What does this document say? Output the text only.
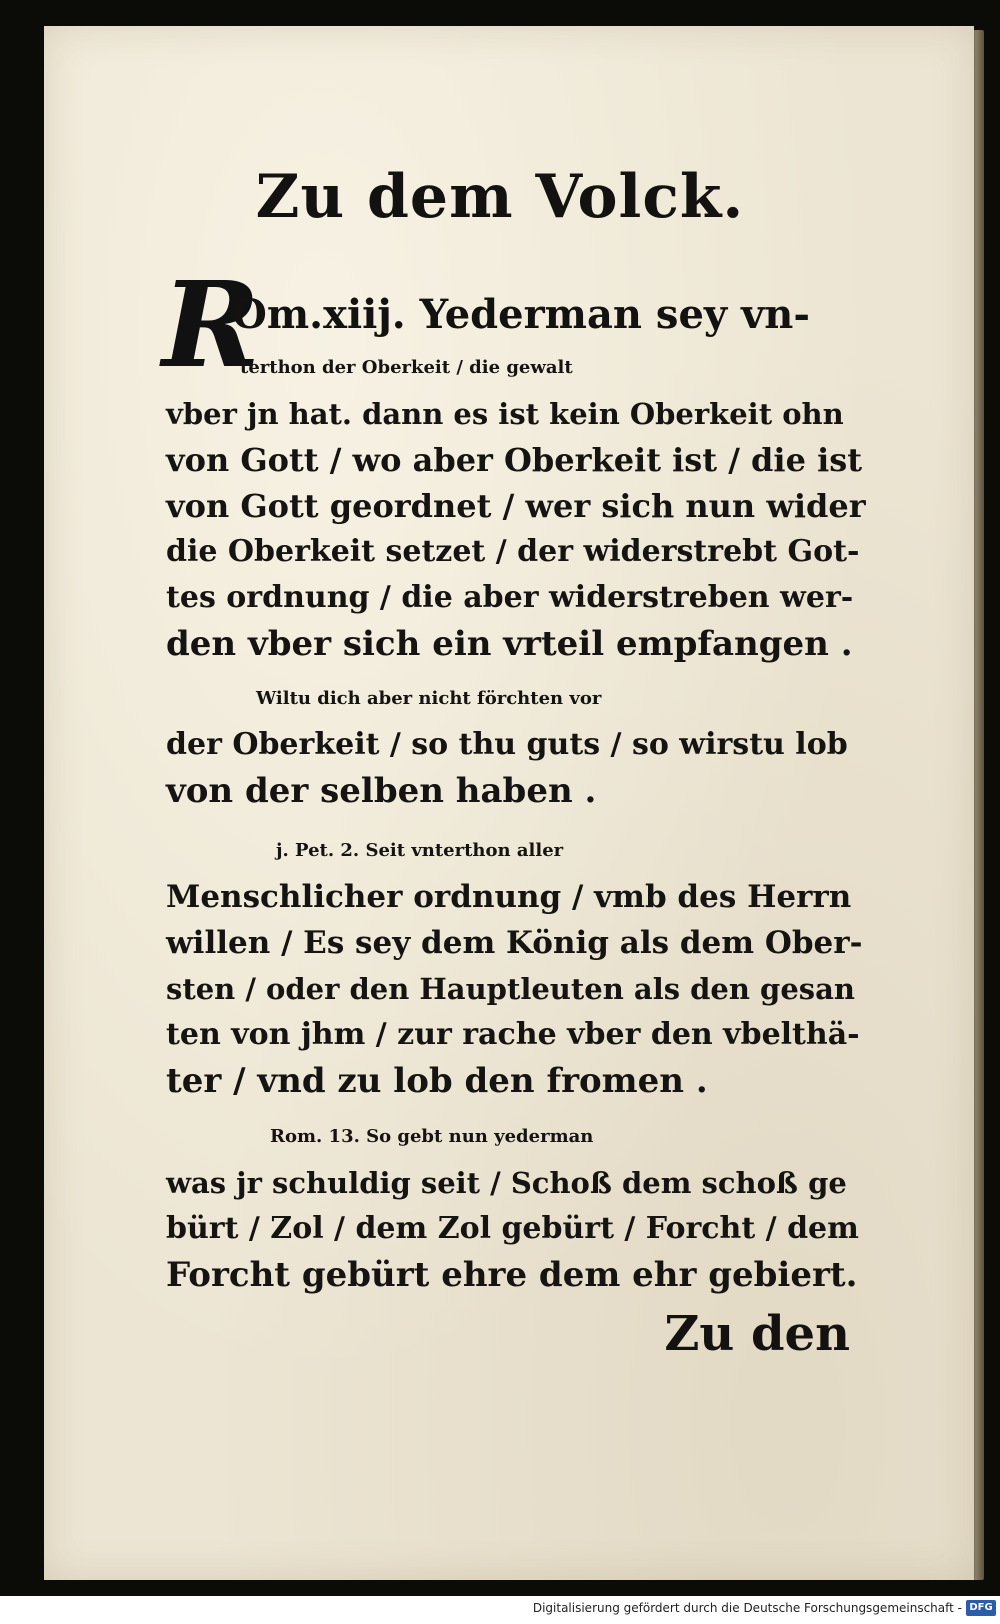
Zu dem Volck.
R
Om.xiij. Yederman sey vn-
terthon der Oberkeit / die gewalt
vber jn hat. dann es ist kein Oberkeit ohn
von Gott / wo aber Oberkeit ist / die ist
von Gott geordnet / wer sich nun wider
die Oberkeit setzet / der widerstrebt Got-
tes ordnung / die aber widerstreben wer-
den vber sich ein vrteil empfangen .
Wiltu dich aber nicht förchten vor
der Oberkeit / so thu guts / so wirstu lob
von der selben haben .
j. Pet. 2. Seit vnterthon aller
Menschlicher ordnung / vmb des Herrn
willen / Es sey dem König als dem Ober-
sten / oder den Hauptleuten als den gesan
ten von jhm / zur rache vber den vbelthä-
ter / vnd zu lob den fromen .
Rom. 13. So gebt nun yederman
was jr schuldig seit / Schoß dem schoß ge
bürt / Zol / dem Zol gebürt / Forcht / dem
Forcht gebürt ehre dem ehr gebiert.
Zu den
Digitalisierung gefördert durch die Deutsche Forschungsgemeinschaft - DFG
